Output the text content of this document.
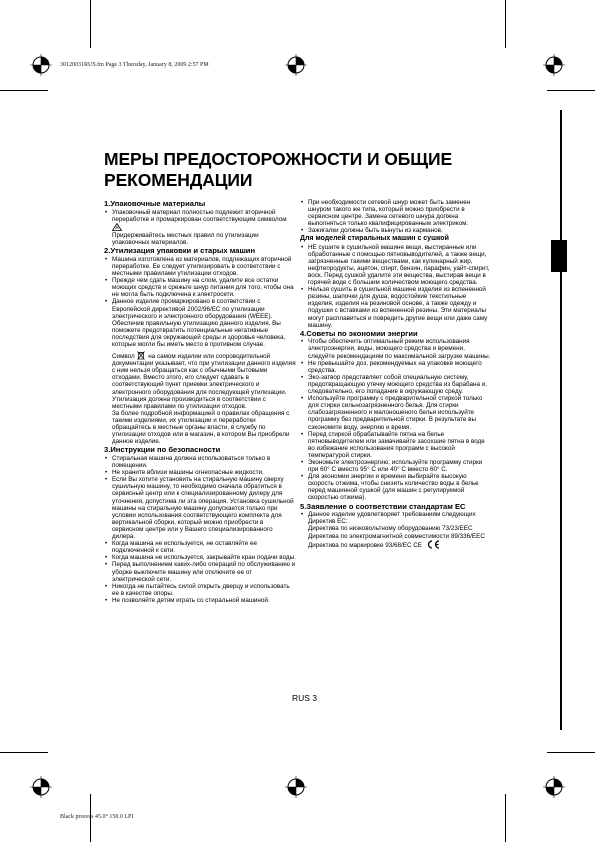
30120031RUS.fm Page 3 Thursday, January 8, 2009 2:57 PM
Black process 45.0° 150.0 LPI
МЕРЫ ПРЕДОСТОРОЖНОСТИ И ОБЩИЕ РЕКОМЕНДАЦИИ
1.Упаковочные материалы
• Упаковочный материал полностью подлежит вторичной переработке и промаркирован соответствующим символом

Придерживайтесь местных правил по утилизации упаковочных материалов.

2.Утилизация упаковки и старых машин
• Машина изготовлена из материалов, подлежащих вторичной переработке. Ее следует утилизировать в соответствии с местными правилами утилизации отходов.
• Прежде чем сдать машину на слом, удалите все остатки моющих средств и срежьте шнур питания для того, чтобы она не могла быть подключена к электросети.
• Данное изделие промаркировано в соответствии с Европейской директивой 2002/96/EC по утилизации электрического и электронного оборудования (WEEE). Обеспечив правильную утилизацию данного изделия, Вы поможете предотвратить потенциальные негативные последствия для окружающей среды и здоровья человека, которые могли бы иметь место в противном случае.

Символ на самом изделии или сопроводительной документации указывает, что при утилизации данного изделия с ним нельзя обращаться как с обычными бытовыми отходами. Вместо этого, его следует сдавать в соответствующий пункт приемки электрического и электронного оборудования для последующей утилизации. Утилизация должна производиться в соответствии с местными правилами по утилизации отходов.

За более подробной информацией о правилах обращения с такими изделиями, их утилизации и переработки обращайтесь в местные органы власти, в службу по утилизации отходов или в магазин, в котором Вы приобрели данное изделие.

3.Инструкции по безопасности
• Стиральная машина должна использоваться только в помещении.
• Не храните вблизи машины огнеопасные жидкости.
• Если Вы хотите установить на стиральную машину сверху сушильную машину, то необходимо сначала обратиться в сервисный центр или к специализированному дилеру для уточнения, допустима ли эта операция. Установка сушильной машины на стиральную машину допускается только при условии использования соответствующего комплекта для вертикальной сборки, который можно приобрести в сервисном центре или у Вашего специализированного дилера.
• Когда машина не используется, не оставляйте ее подключенной к сети.
• Когда машина не используется, закрывайте кран подачи воды.
• Перед выполнением каких-либо операций по обслуживанию и уборке выключите машину или отключите ее от электрической сети.
• Никогда не пытайтесь силой открыть дверцу и использовать ее в качестве опоры.
• Не позволяйте детям играть со стиральной машиной.
• При необходимости сетевой шнур может быть заменен шнуром такого же типа, который можно приобрести в сервисном центре. Замена сетевого шнура должна выполняться только квалифицированным электриком.
• Зажигалки должны быть вынуты из карманов.
Для моделей стиральных машин с сушкой
• НЕ сушите в сушильной машине вещи, выстиранные или обработанные с помощью пятновыводителей, а также вещи, загрязненные такими веществами, как кулинарный жир, нефтепродукты, ацетон, спирт, бензин, парафин, уайт-спирит, воск. Перед сушкой удалите эти вещества, выстирав вещи в горячей воде с большим количеством моющего средства.
• Нельзя сушить в сушильной машине изделия из вспененной резины, шапочки для душа, водостойкие текстильные изделия, изделия на резиновой основе, а также одежду и подушки с вставками из вспененной резины. Эти материалы могут расплавиться и повредить другие вещи или даже саму машину.
4.Советы по экономии энергии
• Чтобы обеспечить оптимальный режим использования электроэнергии, воды, моющего средства и времени, следуйте рекомендациям по максимальной загрузке машины.
• Не превышайте доз, рекомендуемых на упаковке моющего средства.
• Эко-затвор представляет собой специальную систему, предотвращающую утечку моющего средства из барабана и, следовательно, его попадание в окружающую среду.
• Используйте программу с предварительной стиркой только для стирки сильнозагрязненного белья. Для стирки слабозагрязненного и малоношеного белья используйте программу без предварительной стирки. В результате вы сэкономите воду, энергию и время.
• Перед стиркой обрабатывайте пятна на белье пятновыводителем или замачивайте засохшие пятна в воде во избежание использования программ с высокой температурой стирки.
• Экономьте электроэнергию: используйте программу стирки при 60° С вместо 95° С или 40° С вместо 60° С.
• Для экономии энергии и времени выбирайте высокую скорость отжима, чтобы снизить количество воды в белье перед машинной сушкой (для машин с регулируемой скоростью отжима).
5.Заявление о соответствии стандартам ЕС
• Данное изделие удовлетворяет требованиям следующих Директив ЕС:

Директива по низковольтному оборудованию 73/23/EEC

Директива по электромагнитной совместимости 89/336/EEC

Директива по маркировке 93/68/EC CE

RUS 3
